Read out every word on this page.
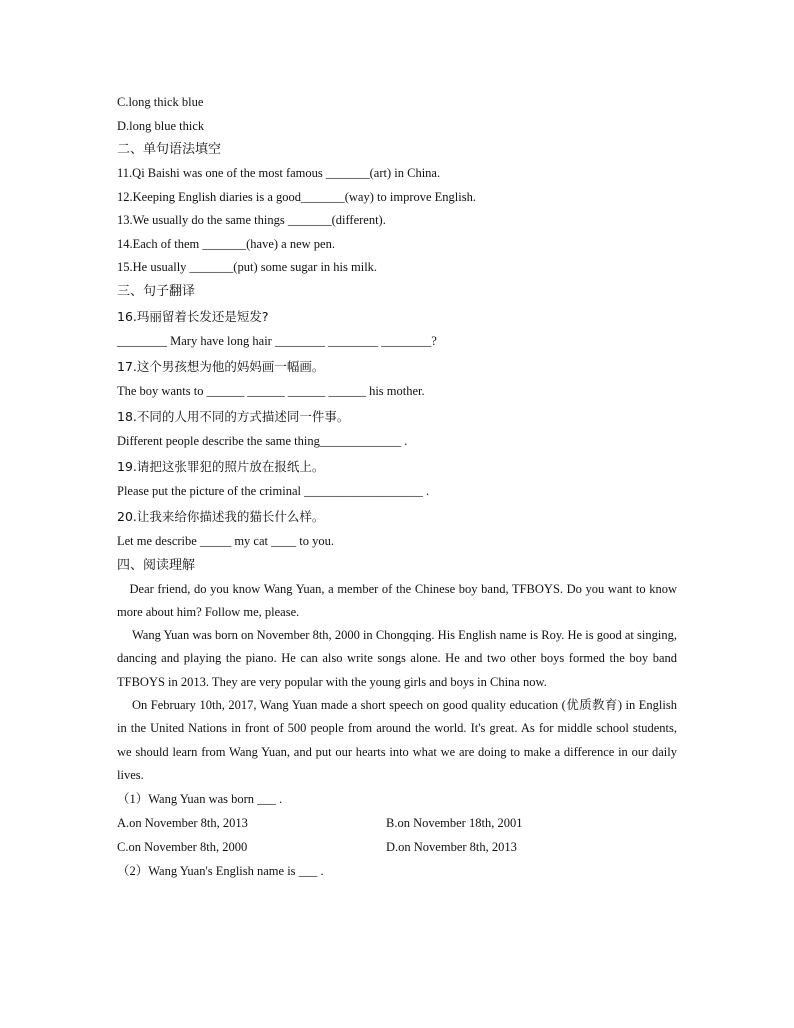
C.long thick blue
D.long blue thick
二、单句语法填空
11.Qi Baishi was one of the most famous _______(art) in China.
12.Keeping English diaries is a good_______(way) to improve English.
13.We usually do the same things _______(different).
14.Each of them _______(have) a new pen.
15.He usually _______(put) some sugar in his milk.
三、句子翻译
16.玛丽留着长发还是短发?
________ Mary have long hair ________ ________ ________?
17.这个男孩想为他的妈妈画一幅画。
The boy wants to ______ ______ ______ ______ his mother.
18.不同的人用不同的方式描述同一件事。
Different people describe the same thing_____________ .
19.请把这张罪犯的照片放在报纸上。
Please put the picture of the criminal ___________________ .
20.让我来给你描述我的猫长什么样。
Let me describe _____ my cat ____ to you.
四、阅读理解

Dear friend, do you know Wang Yuan, a member of the Chinese boy band, TFBOYS. Do you want to know more about him? Follow me, please.

Wang Yuan was born on November 8th, 2000 in Chongqing. His English name is Roy. He is good at singing, dancing and playing the piano. He can also write songs alone. He and two other boys formed the boy band TFBOYS in 2013. They are very popular with the young girls and boys in China now.

On February 10th, 2017, Wang Yuan made a short speech on good quality education (优质教育) in English in the United Nations in front of 500 people from around the world. It's great. As for middle school students, we should learn from Wang Yuan, and put our hearts into what we are doing to make a difference in our daily lives.

（1）Wang Yuan was born ___ .
A.on November 8th, 2013	B.on November 18th, 2001
C.on November 8th, 2000	D.on November 8th, 2013
（2）Wang Yuan's English name is ___ .
